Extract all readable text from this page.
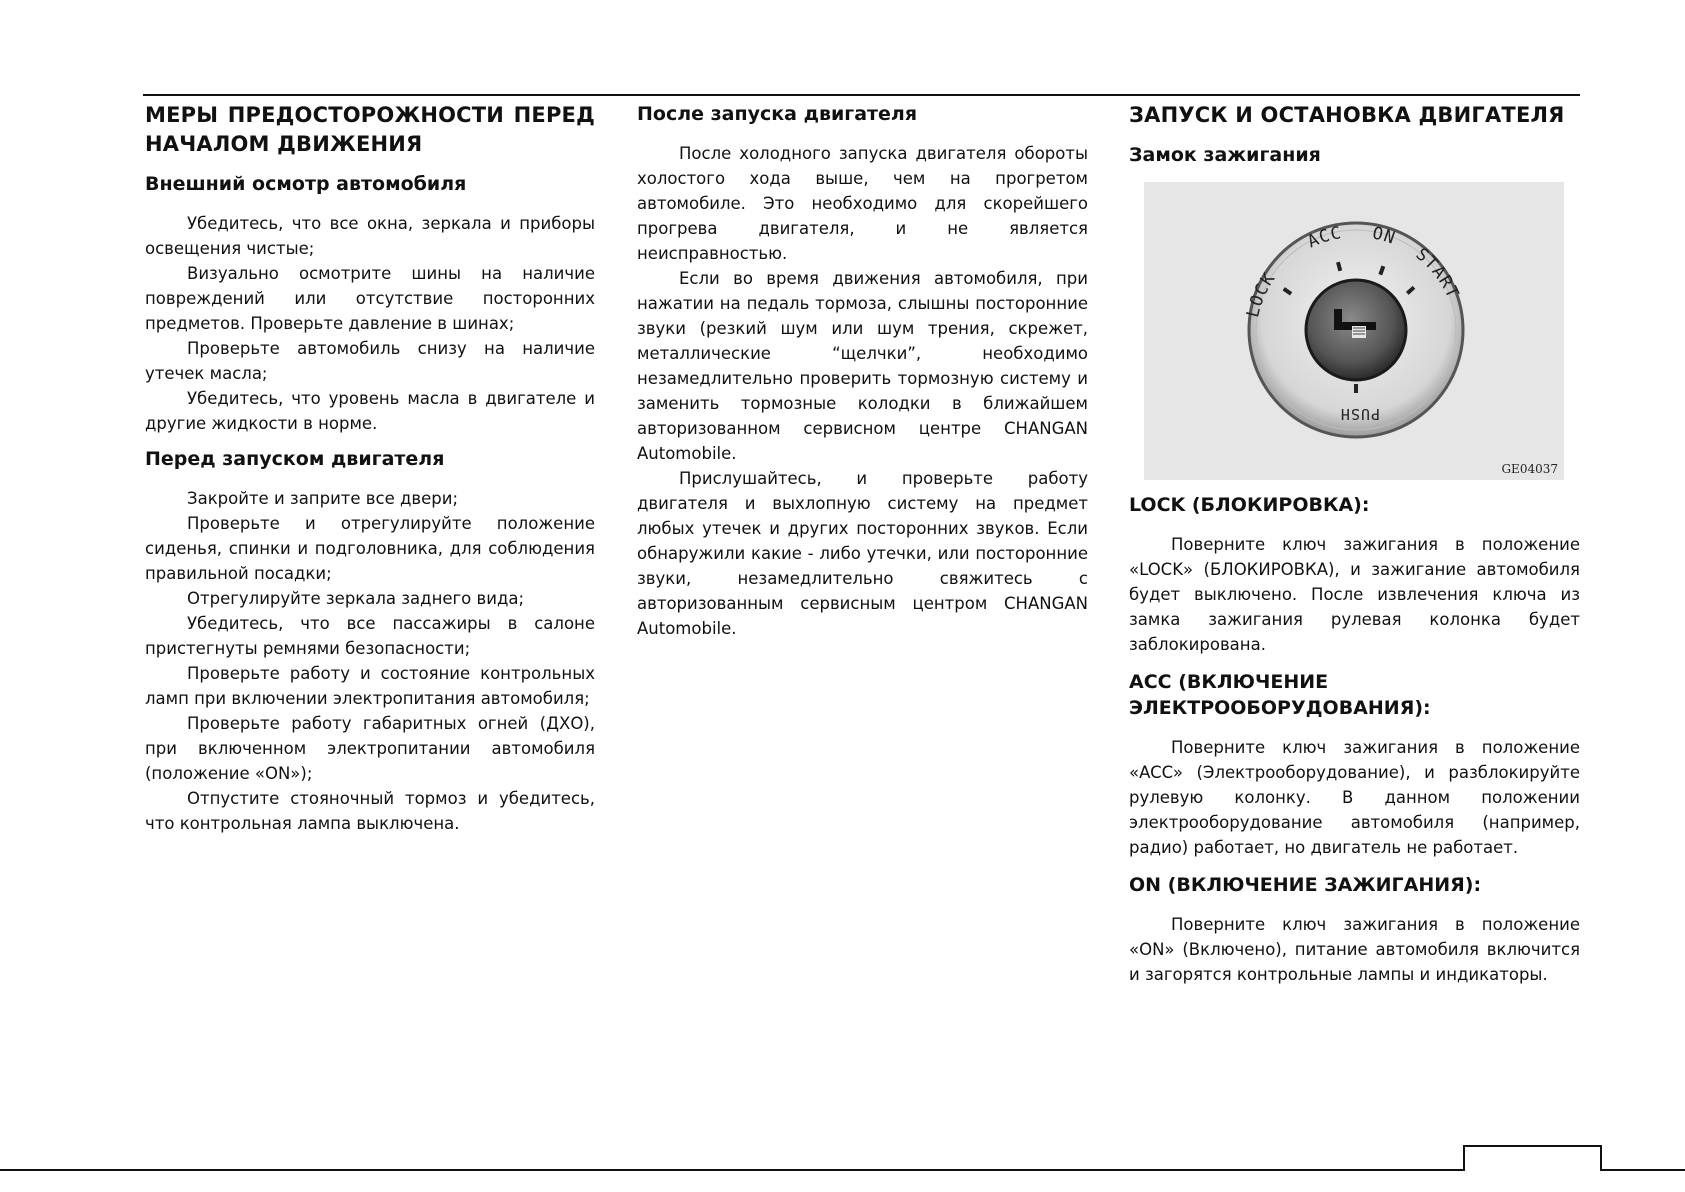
МЕРЫ ПРЕДОСТОРОЖНОСТИ ПЕРЕД НАЧАЛОМ ДВИЖЕНИЯ
Внешний осмотр автомобиля

Убедитесь, что все окна, зеркала и приборы освещения чистые;

Визуально осмотрите шины на наличие повреждений или отсутствие посторонних предметов. Проверьте давление в шинах;

Проверьте автомобиль снизу на наличие утечек масла;

Убедитесь, что уровень масла в двигателе и другие жидкости в норме.

Перед запуском двигателя

Закройте и заприте все двери;

Проверьте и отрегулируйте положение сиденья, спинки и подголовника, для соблюдения правильной посадки;

Отрегулируйте зеркала заднего вида;

Убедитесь, что все пассажиры в салоне пристегнуты ремнями безопасности;

Проверьте работу и состояние контрольных ламп при включении электропитания автомобиля;

Проверьте работу габаритных огней (ДХО), при включенном электропитании автомобиля (положение «ON»);

Отпустите стояночный тормоз и убедитесь, что контрольная лампа выключена.

После запуска двигателя

После холодного запуска двигателя обороты холостого хода выше, чем на прогретом автомобиле. Это необходимо для скорейшего прогрева двигателя, и не является неисправностью.

Если во время движения автомобиля, при нажатии на педаль тормоза, слышны посторонние звуки (резкий шум или шум трения, скрежет, металлические “щелчки”, необходимо незамедлительно проверить тормозную систему и заменить тормозные колодки в ближайшем авторизованном сервисном центре CHANGAN Automobile.

Прислушайтесь, и проверьте работу двигателя и выхлопную систему на предмет любых утечек и других посторонних звуков. Если обнаружили какие - либо утечки, или посторонние звуки, незамедлительно свяжитесь с авторизованным сервисным центром CHANGAN Automobile.

ЗАПУСК И ОСТАНОВКА ДВИГАТЕЛЯ
Замок зажигания
LOCK
ACC ON
START
PUSH
GE04037
LOCK (БЛОКИРОВКА):

Поверните ключ зажигания в положение «LOCK» (БЛОКИРОВКА), и зажигание автомобиля будет выключено. После извлечения ключа из замка зажигания рулевая колонка будет заблокирована.

ACC (ВКЛЮЧЕНИЕ ЭЛЕКТРООБОРУДОВАНИЯ):

Поверните ключ зажигания в положение «ACC» (Электрооборудование), и разблокируйте рулевую колонку. В данном положении электрооборудование автомобиля (например, радио) работает, но двигатель не работает.

ON (ВКЛЮЧЕНИЕ ЗАЖИГАНИЯ):

Поверните ключ зажигания в положение «ON» (Включено), питание автомобиля включится и загорятся контрольные лампы и индикаторы.
